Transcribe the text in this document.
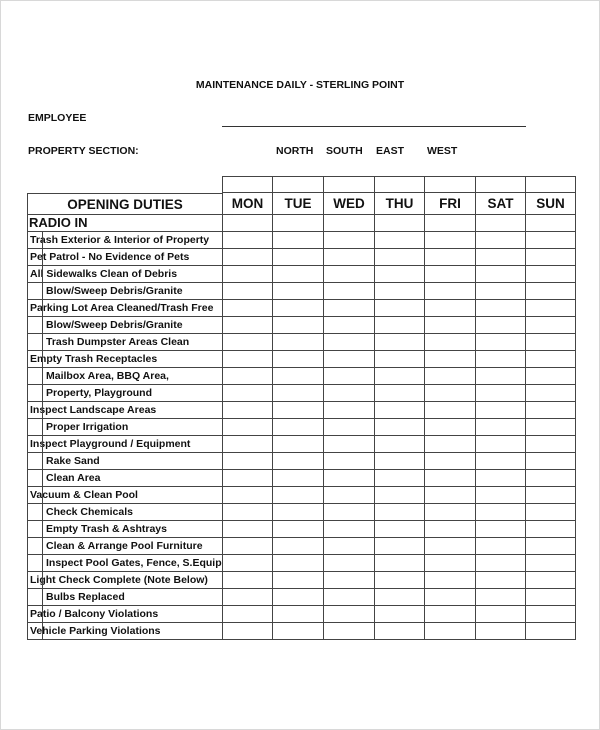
MAINTENANCE DAILY - STERLING POINT
EMPLOYEE
PROPERTY SECTION:	NORTH SOUTH EAST WEST
OPENING DUTIES	MON	TUE	WED	THU	FRI	SAT	SUN
RADIO IN
Trash Exterior & Interior of Property
Pet Patrol - No Evidence of Pets
All Sidewalks Clean of Debris
Blow/Sweep Debris/Granite
Parking Lot Area Cleaned/Trash Free
Blow/Sweep Debris/Granite
Trash Dumpster Areas Clean
Empty Trash Receptacles
Mailbox Area, BBQ Area,
Property, Playground
Inspect Landscape Areas
Proper Irrigation
Inspect Playground / Equipment
Rake Sand
Clean Area
Vacuum & Clean Pool
Check Chemicals
Empty Trash & Ashtrays
Clean & Arrange Pool Furniture
Inspect Pool Gates, Fence, S.Equip
Light Check Complete (Note Below)
Bulbs Replaced
Patio / Balcony Violations
Vehicle Parking Violations
